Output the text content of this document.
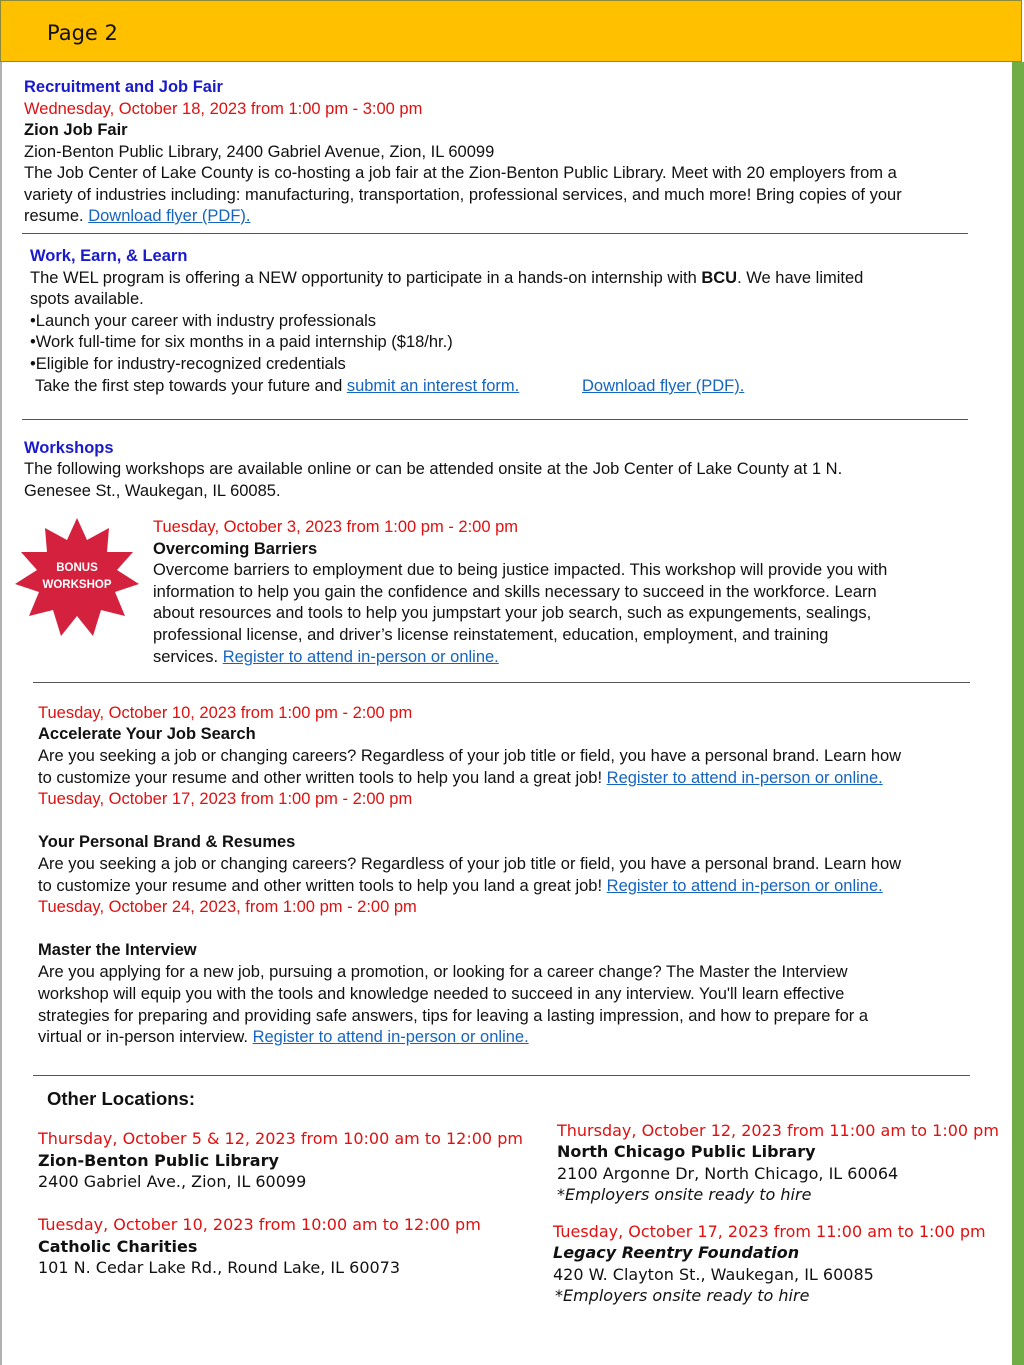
Page 2
Recruitment and Job Fair
Wednesday, October 18, 2023 from 1:00 pm - 3:00 pm
Zion Job Fair
Zion-Benton Public Library, 2400 Gabriel Avenue, Zion, IL 60099
The Job Center of Lake County is co-hosting a job fair at the Zion-Benton Public Library. Meet with 20 employers from a
variety of industries including: manufacturing, transportation, professional services, and much more! Bring copies of your
resume. Download flyer (PDF).
Work, Earn, & Learn
The WEL program is offering a NEW opportunity to participate in a hands-on internship with BCU. We have limited
spots available.
•Launch your career with industry professionals
•Work full-time for six months in a paid internship ($18/hr.)
•Eligible for industry-recognized credentials
Take the first step towards your future and submit an interest form.	Download flyer (PDF).
Workshops
The following workshops are available online or can be attended onsite at the Job Center of Lake County at 1 N.
Genesee St., Waukegan, IL 60085.
BONUS
WORKSHOP
Tuesday, October 3, 2023 from 1:00 pm - 2:00 pm
Overcoming Barriers
Overcome barriers to employment due to being justice impacted. This workshop will provide you with
information to help you gain the confidence and skills necessary to succeed in the workforce. Learn
about resources and tools to help you jumpstart your job search, such as expungements, sealings,
professional license, and driver’s license reinstatement, education, employment, and training
services. Register to attend in-person or online.
Tuesday, October 10, 2023 from 1:00 pm - 2:00 pm
Accelerate Your Job Search
Are you seeking a job or changing careers? Regardless of your job title or field, you have a personal brand. Learn how
to customize your resume and other written tools to help you land a great job! Register to attend in-person or online.
Tuesday, October 17, 2023 from 1:00 pm - 2:00 pm
Your Personal Brand & Resumes
Are you seeking a job or changing careers? Regardless of your job title or field, you have a personal brand. Learn how
to customize your resume and other written tools to help you land a great job! Register to attend in-person or online.
Tuesday, October 24, 2023, from 1:00 pm - 2:00 pm
Master the Interview
Are you applying for a new job, pursuing a promotion, or looking for a career change? The Master the Interview
workshop will equip you with the tools and knowledge needed to succeed in any interview. You'll learn effective
strategies for preparing and providing safe answers, tips for leaving a lasting impression, and how to prepare for a
virtual or in-person interview. Register to attend in-person or online.
Other Locations:
Thursday, October 5 & 12, 2023 from 10:00 am to 12:00 pm
Zion-Benton Public Library
2400 Gabriel Ave., Zion, IL 60099
Tuesday, October 10, 2023 from 10:00 am to 12:00 pm
Catholic Charities
101 N. Cedar Lake Rd., Round Lake, IL 60073
Thursday, October 12, 2023 from 11:00 am to 1:00 pm
North Chicago Public Library
2100 Argonne Dr, North Chicago, IL 60064
*Employers onsite ready to hire
Tuesday, October 17, 2023 from 11:00 am to 1:00 pm
Legacy Reentry Foundation
420 W. Clayton St., Waukegan, IL 60085
*Employers onsite ready to hire
